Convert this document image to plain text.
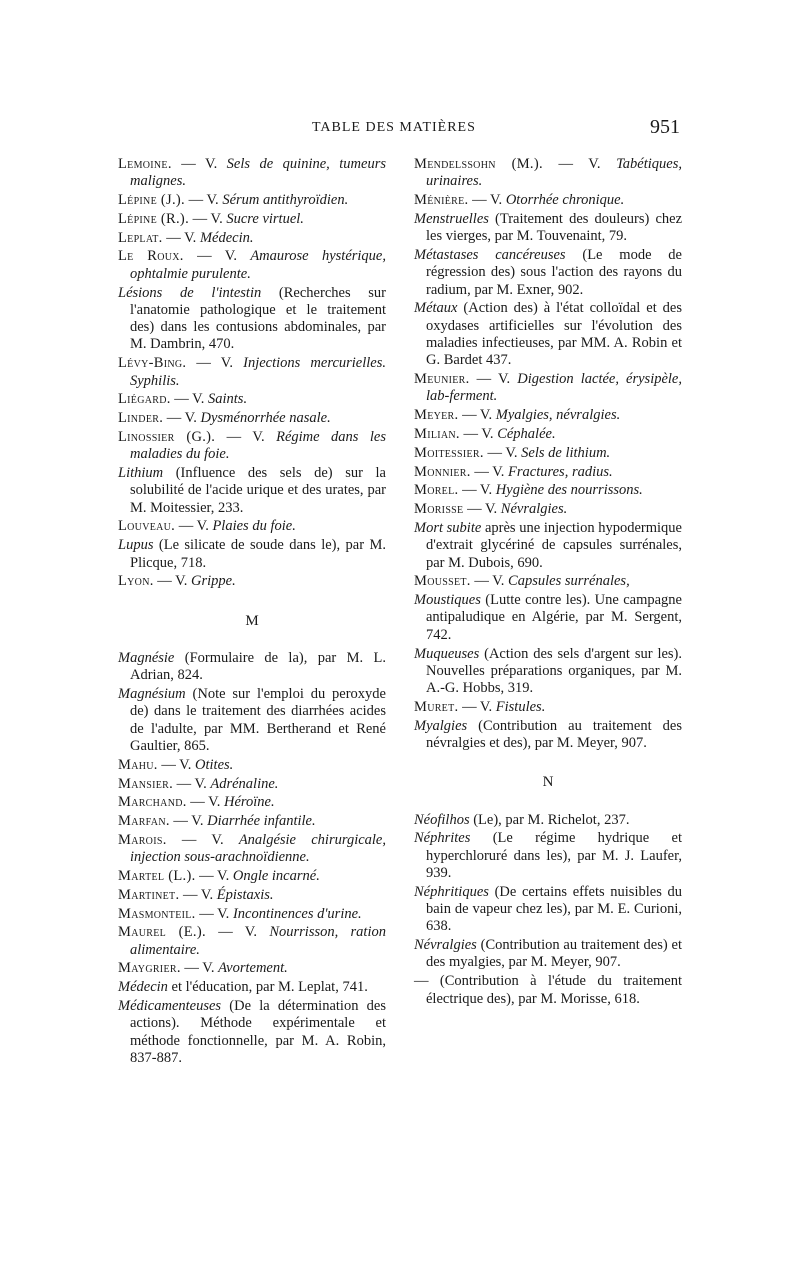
TABLE DES MATIÈRES	951
Lemoine. — V. Sels de quinine, tumeurs malignes.
Lépine (J.). — V. Sérum antithyroïdien.
Lépine (R.). — V. Sucre virtuel.
Leplat. — V. Médecin.
Le Roux. — V. Amaurose hystérique, ophtalmie purulente.
Lésions de l'intestin (Recherches sur l'anatomie pathologique et le traitement des) dans les contusions abdominales, par M. Dambrin, 470.
Lévy-Bing. — V. Injections mercurielles. Syphilis.
Liégard. — V. Saints.
Linder. — V. Dysménorrhée nasale.
Linossier (G.). — V. Régime dans les maladies du foie.
Lithium (Influence des sels de) sur la solubilité de l'acide urique et des urates, par M. Moitessier, 233.
Louveau. — V. Plaies du foie.
Lupus (Le silicate de soude dans le), par M. Plicque, 718.
Lyon. — V. Grippe.
M
Magnésie (Formulaire de la), par M. L. Adrian, 824.
Magnésium (Note sur l'emploi du peroxyde de) dans le traitement des diarrhées acides de l'adulte, par MM. Bertherand et René Gaultier, 865.
Mahu. — V. Otites.
Mansier. — V. Adrénaline.
Marchand. — V. Héroïne.
Marfan. — V. Diarrhée infantile.
Marois. — V. Analgésie chirurgicale, injection sous-arachnoïdienne.
Martel (L.). — V. Ongle incarné.
Martinet. — V. Épistaxis.
Masmonteil. — V. Incontinences d'urine.
Maurel (E.). — V. Nourrisson, ration alimentaire.
Maygrier. — V. Avortement.
Médecin et l'éducation, par M. Leplat, 741.
Médicamenteuses (De la détermination des actions). Méthode expérimentale et méthode fonctionnelle, par M. A. Robin, 837-887.
Mendelssohn (M.). — V. Tabétiques, urinaires.
Ménière. — V. Otorrhée chronique.
Menstruelles (Traitement des douleurs) chez les vierges, par M. Touvenaint, 79.
Métastases cancéreuses (Le mode de régression des) sous l'action des rayons du radium, par M. Exner, 902.
Métaux (Action des) à l'état colloïdal et des oxydases artificielles sur l'évolution des maladies infectieuses, par MM. A. Robin et G. Bardet 437.
Meunier. — V. Digestion lactée, érysipèle, lab-ferment.
Meyer. — V. Myalgies, névralgies.
Milian. — V. Céphalée.
Moitessier. — V. Sels de lithium.
Monnier. — V. Fractures, radius.
Morel. — V. Hygiène des nourrissons.
Morisse — V. Névralgies.
Mort subite après une injection hypodermique d'extrait glycériné de capsules surrénales, par M. Dubois, 690.
Mousset. — V. Capsules surrénales,
Moustiques (Lutte contre les). Une campagne antipaludique en Algérie, par M. Sergent, 742.
Muqueuses (Action des sels d'argent sur les). Nouvelles préparations organiques, par M. A.-G. Hobbs, 319.
Muret. — V. Fistules.
Myalgies (Contribution au traitement des névralgies et des), par M. Meyer, 907.
N
Néofilhos (Le), par M. Richelot, 237.
Néphrites (Le régime hydrique et hyperchloruré dans les), par M. J. Laufer, 939.
Néphritiques (De certains effets nuisibles du bain de vapeur chez les), par M. E. Curioni, 638.
Névralgies (Contribution au traitement des) et des myalgies, par M. Meyer, 907.
— (Contribution à l'étude du traitement électrique des), par M. Morisse, 618.
